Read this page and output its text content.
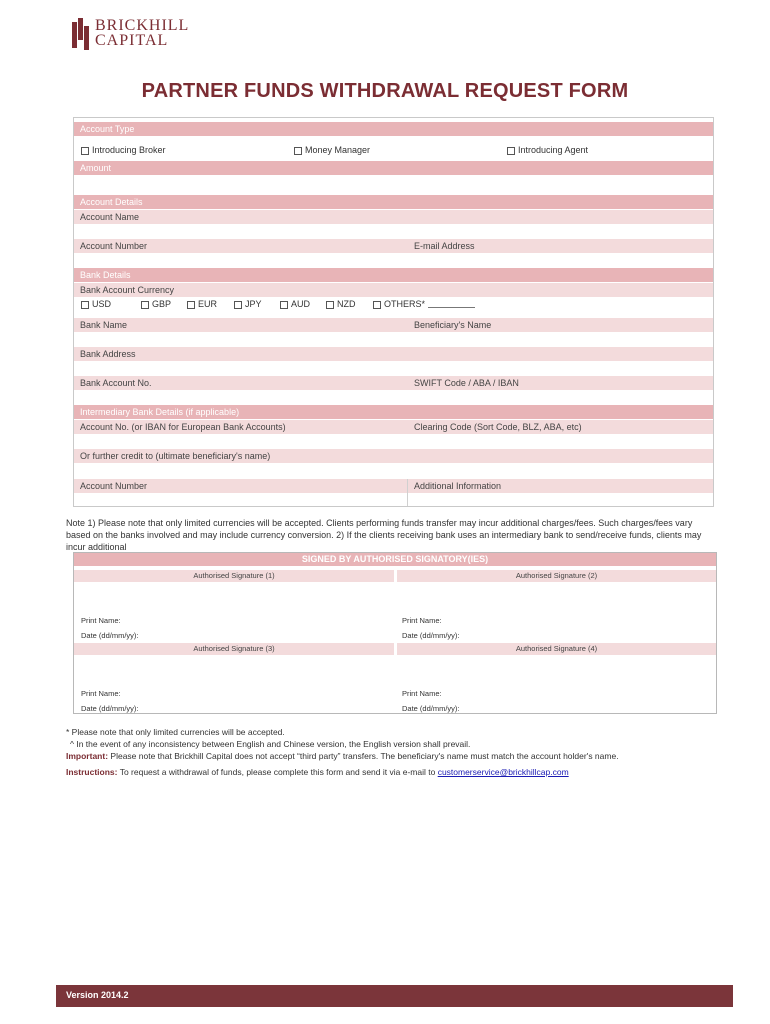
BRICKHILL
CAPITAL
PARTNER FUNDS WITHDRAWAL REQUEST FORM
Account Type
Introducing Broker	Money Manager	Introducing Agent
Amount
Account Details
Account Name
Account Number	E-mail Address
Bank Details
Bank Account Currency
USD	GBP	EUR	JPY	AUD	NZD	OTHERS*
Bank Name	Beneficiary's Name
Bank Address
Bank Account No.	SWIFT Code / ABA / IBAN
Intermediary Bank Details (if applicable)
Account No. (or IBAN for European Bank Accounts)	Clearing Code (Sort Code, BLZ, ABA, etc)
Or further credit to (ultimate beneficiary's name)
Account Number	Additional Information
Note 1) Please note that only limited currencies will be accepted. Clients performing funds transfer may incur additional charges/fees. Such charges/fees vary based on the banks involved and may include currency conversion. 2) If the clients receiving bank uses an intermediary bank to send/receive funds, clients may incur additional
SIGNED BY AUTHORISED SIGNATORY(IES)
Authorised Signature (1)	Authorised Signature (2)
Print Name:	Print Name:
Date (dd/mm/yy):	Date (dd/mm/yy):
Authorised Signature (3)	Authorised Signature (4)
Print Name:	Print Name:
Date (dd/mm/yy):	Date (dd/mm/yy):
* Please note that only limited currencies will be accepted.
^ In the event of any inconsistency between English and Chinese version, the English version shall prevail.
Important: Please note that Brickhill Capital does not accept “third party” transfers. The beneficiary's name must match the account holder's name.
Instructions: To request a withdrawal of funds, please complete this form and send it via e-mail to customerservice@brickhillcap.com
Version 2014.2
